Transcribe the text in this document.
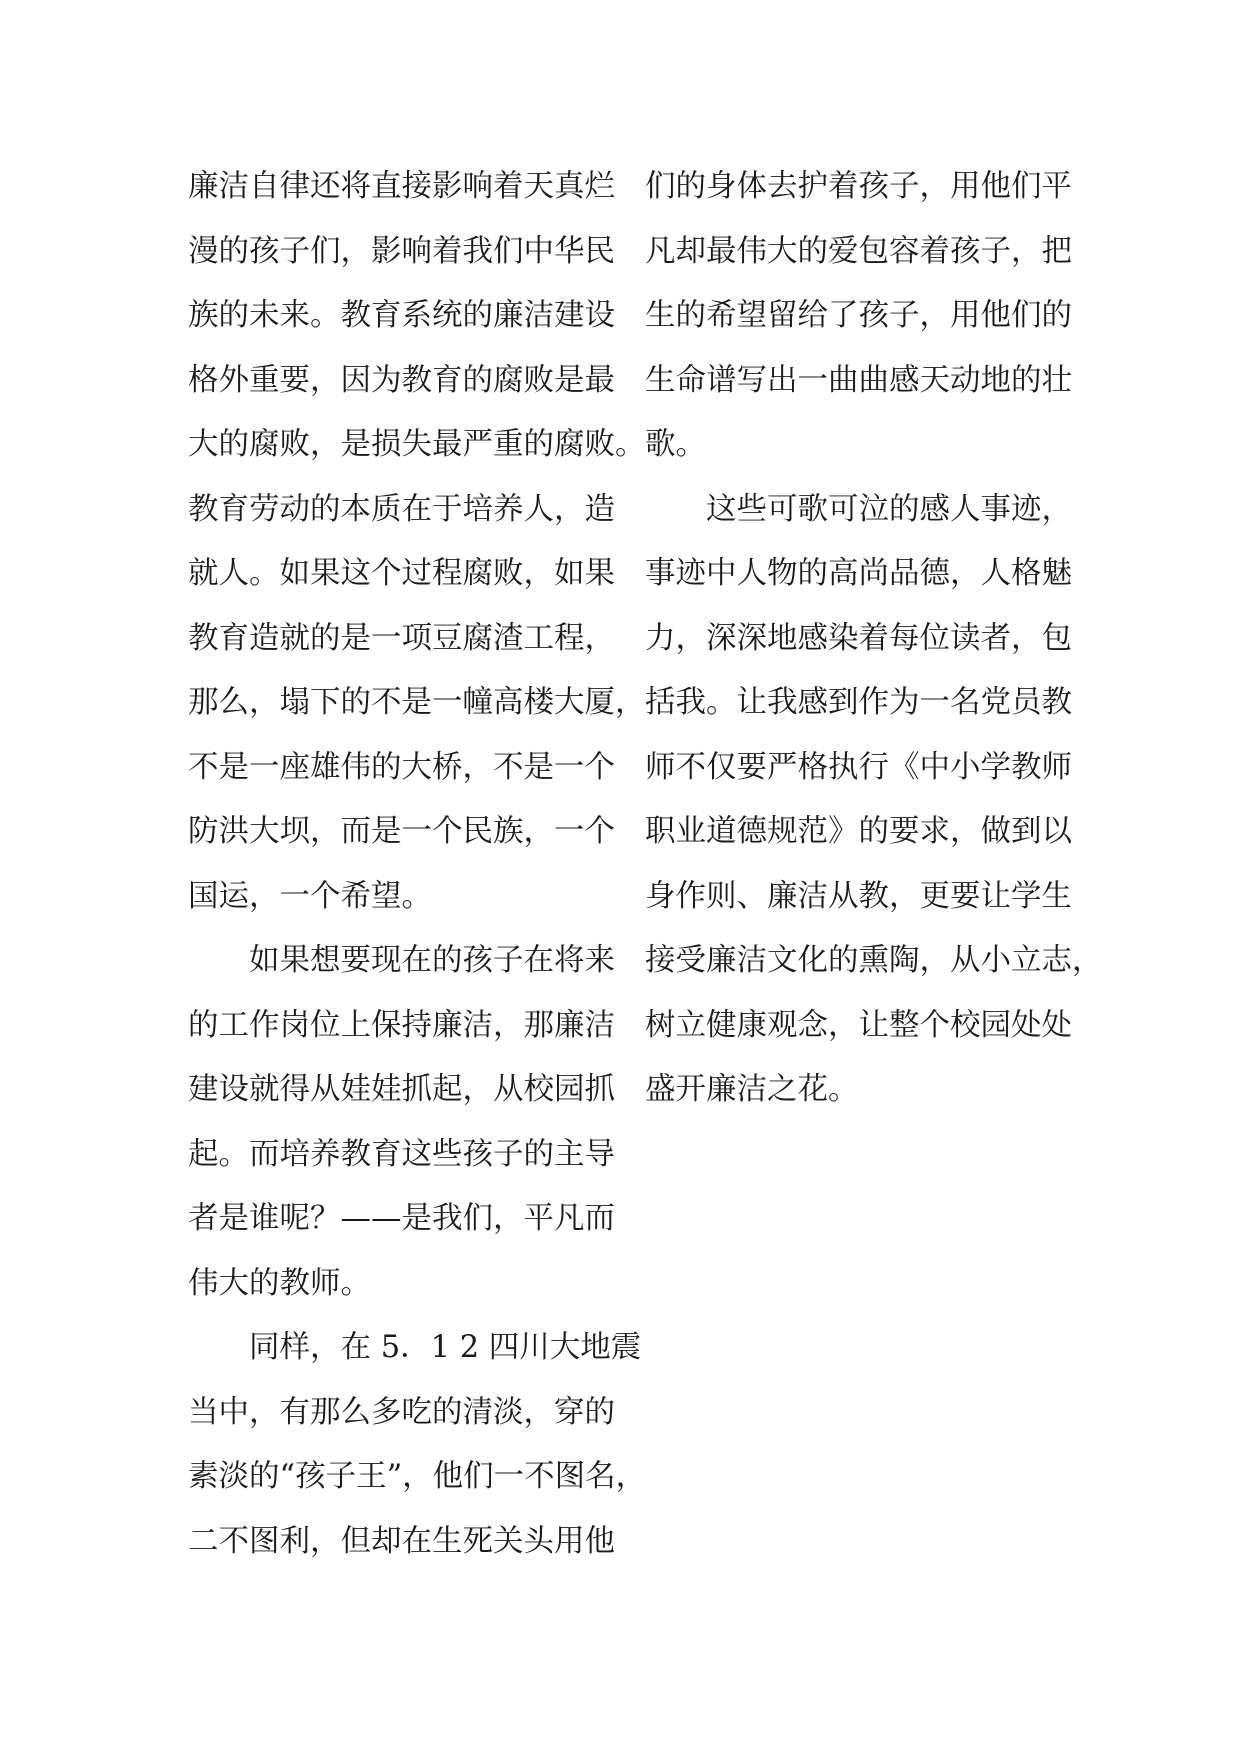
廉洁自律还将直接影响着天真烂
漫的孩子们，影响着我们中华民
族的未来。教育系统的廉洁建设
格外重要，因为教育的腐败是最
大的腐败，是损失最严重的腐败。
教育劳动的本质在于培养人，造
就人。如果这个过程腐败，如果
教育造就的是一项豆腐渣工程，
那么，塌下的不是一幢高楼大厦，
不是一座雄伟的大桥，不是一个
防洪大坝，而是一个民族，一个
国运，一个希望。
如果想要现在的孩子在将来
的工作岗位上保持廉洁，那廉洁
建设就得从娃娃抓起，从校园抓
起。而培养教育这些孩子的主导
者是谁呢？——是我们，平凡而
伟大的教师。
同样，在 5．1 2 四川大地震
当中，有那么多吃的清淡，穿的
素淡的“孩子王”，他们一不图名，
二不图利，但却在生死关头用他
们的身体去护着孩子，用他们平
凡却最伟大的爱包容着孩子，把
生的希望留给了孩子，用他们的
生命谱写出一曲曲感天动地的壮
歌。
这些可歌可泣的感人事迹，
事迹中人物的高尚品德，人格魅
力，深深地感染着每位读者，包
括我。让我感到作为一名党员教
师不仅要严格执行《中小学教师
职业道德规范》的要求，做到以
身作则、廉洁从教，更要让学生
接受廉洁文化的熏陶，从小立志，
树立健康观念，让整个校园处处
盛开廉洁之花。
